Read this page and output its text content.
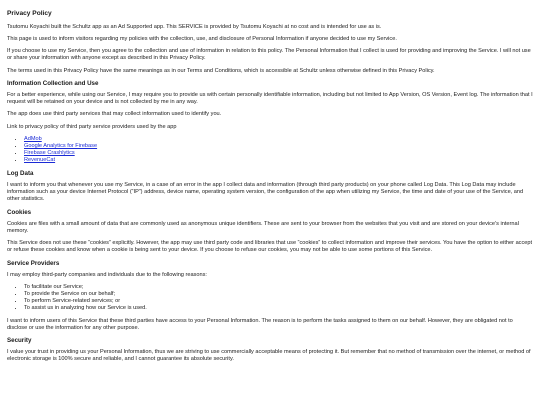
Privacy Policy

Tsutomu Koyachi built the Schultz app as an Ad Supported app. This SERVICE is provided by Tsutomu Koyachi at no cost and is intended for use as is.

This page is used to inform visitors regarding my policies with the collection, use, and disclosure of Personal Information if anyone decided to use my Service.

If you choose to use my Service, then you agree to the collection and use of information in relation to this policy. The Personal Information that I collect is used for providing and improving the Service. I will not use or share your information with anyone except as described in this Privacy Policy.

The terms used in this Privacy Policy have the same meanings as in our Terms and Conditions, which is accessible at Schultz unless otherwise defined in this Privacy Policy.

Information Collection and Use

For a better experience, while using our Service, I may require you to provide us with certain personally identifiable information, including but not limited to App Version, OS Version, Event log. The information that I request will be retained on your device and is not collected by me in any way.

The app does use third party services that may collect information used to identify you.

Link to privacy policy of third party service providers used by the app

• AdMob
• Google Analytics for Firebase
• Firebase Crashlytics
• RevenueCat
Log Data

I want to inform you that whenever you use my Service, in a case of an error in the app I collect data and information (through third party products) on your phone called Log Data. This Log Data may include information such as your device Internet Protocol (“IP”) address, device name, operating system version, the configuration of the app when utilizing my Service, the time and date of your use of the Service, and other statistics.

Cookies

Cookies are files with a small amount of data that are commonly used as anonymous unique identifiers. These are sent to your browser from the websites that you visit and are stored on your device's internal memory.

This Service does not use these “cookies” explicitly. However, the app may use third party code and libraries that use “cookies” to collect information and improve their services. You have the option to either accept or refuse these cookies and know when a cookie is being sent to your device. If you choose to refuse our cookies, you may not be able to use some portions of this Service.

Service Providers

I may employ third-party companies and individuals due to the following reasons:

• To facilitate our Service;
• To provide the Service on our behalf;
• To perform Service-related services; or
• To assist us in analyzing how our Service is used.

I want to inform users of this Service that these third parties have access to your Personal Information. The reason is to perform the tasks assigned to them on our behalf. However, they are obligated not to disclose or use the information for any other purpose.

Security

I value your trust in providing us your Personal Information, thus we are striving to use commercially acceptable means of protecting it. But remember that no method of transmission over the internet, or method of electronic storage is 100% secure and reliable, and I cannot guarantee its absolute security.
